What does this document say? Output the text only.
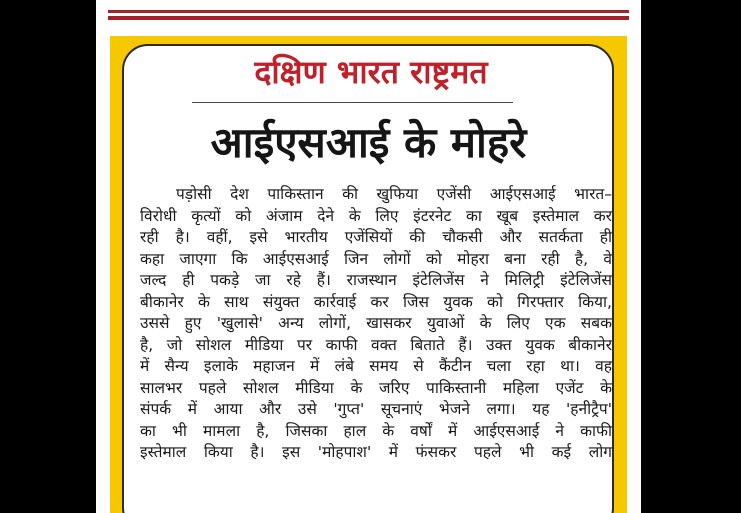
दक्षिण भारत राष्ट्रमत
आईएसआई के मोहरे
पड़ोसी देश पाकिस्तान की खुफिया एजेंसी आईएसआई भारत–
विरोधी कृत्यों को अंजाम देने के लिए इंटरनेट का खूब इस्तेमाल कर
रही है। वहीं, इसे भारतीय एजेंसियों की चौकसी और सतर्कता ही
कहा जाएगा कि आईएसआई जिन लोगों को मोहरा बना रही है, वे
जल्द ही पकड़े जा रहे हैं। राजस्थान इंटेलिजेंस ने मिलिट्री इंटेलिजेंस
बीकानेर के साथ संयुक्त कार्रवाई कर जिस युवक को गिरफ्तार किया,
उससे हुए 'खुलासे' अन्य लोगों, खासकर युवाओं के लिए एक सबक
है, जो सोशल मीडिया पर काफी वक्त बिताते हैं। उक्त युवक बीकानेर
में सैन्य इलाके महाजन में लंबे समय से कैंटीन चला रहा था। वह
सालभर पहले सोशल मीडिया के जरिए पाकिस्तानी महिला एजेंट के
संपर्क में आया और उसे 'गुप्त' सूचनाएं भेजने लगा। यह 'हनीट्रैप'
का भी मामला है, जिसका हाल के वर्षों में आईएसआई ने काफी
इस्तेमाल किया है। इस 'मोहपाश' में फंसकर पहले भी कई लोग
